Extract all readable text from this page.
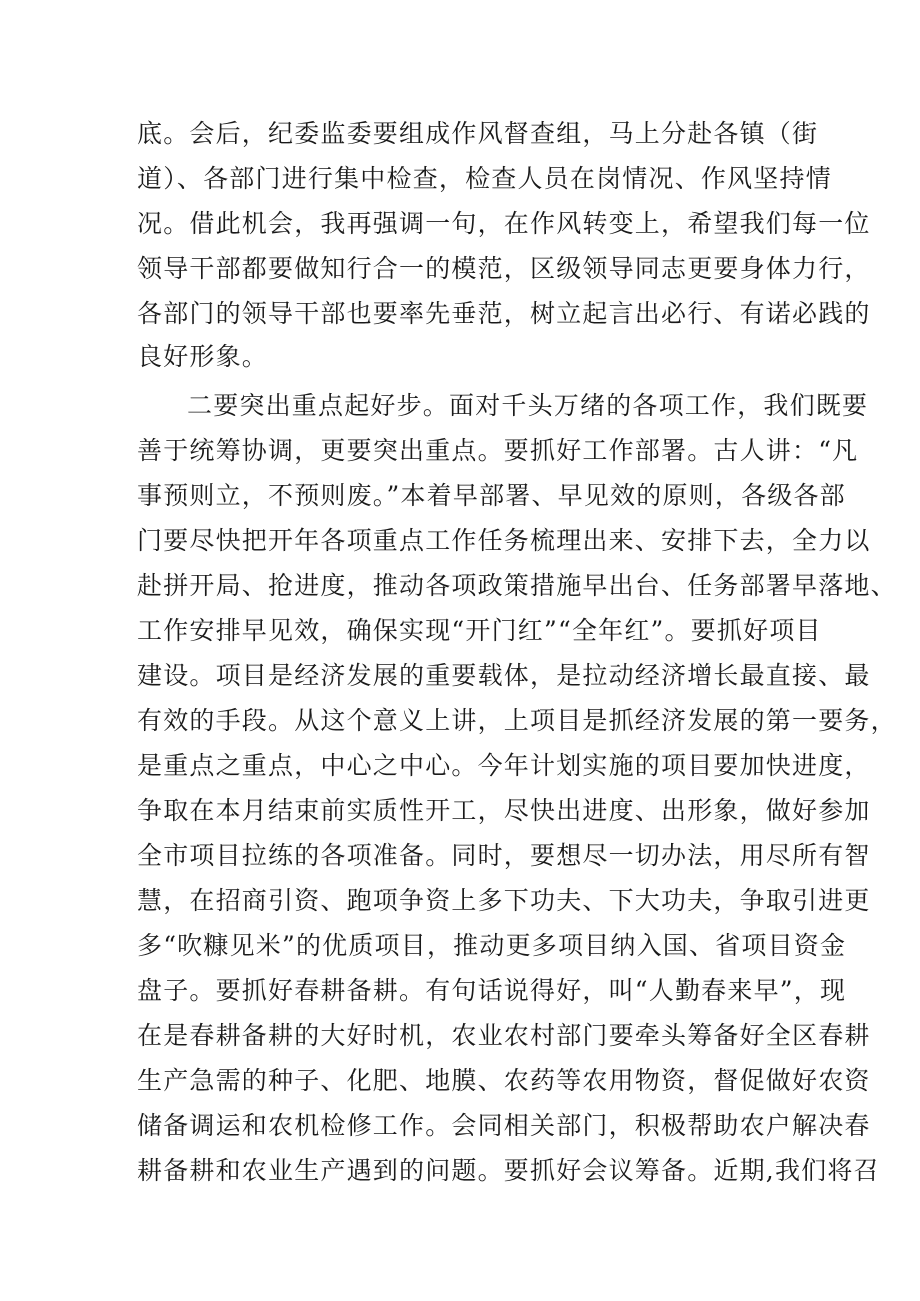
底。会后，纪委监委要组成作风督查组，马上分赴各镇（街
道）、各部门进行集中检查，检查人员在岗情况、作风坚持情
况。借此机会，我再强调一句，在作风转变上，希望我们每一位
领导干部都要做知行合一的模范，区级领导同志更要身体力行，
各部门的领导干部也要率先垂范，树立起言出必行、有诺必践的
良好形象。
二要突出重点起好步。面对千头万绪的各项工作，我们既要
善于统筹协调，更要突出重点。要抓好工作部署。古人讲：“凡
事预则立，不预则废。”本着早部署、早见效的原则，各级各部
门要尽快把开年各项重点工作任务梳理出来、安排下去，全力以
赴拼开局、抢进度，推动各项政策措施早出台、任务部署早落地、
工作安排早见效，确保实现“开门红”“全年红”。要抓好项目
建设。项目是经济发展的重要载体，是拉动经济增长最直接、最
有效的手段。从这个意义上讲，上项目是抓经济发展的第一要务，
是重点之重点，中心之中心。今年计划实施的项目要加快进度，
争取在本月结束前实质性开工，尽快出进度、出形象，做好参加
全市项目拉练的各项准备。同时，要想尽一切办法，用尽所有智
慧，在招商引资、跑项争资上多下功夫、下大功夫，争取引进更
多“吹糠见米”的优质项目，推动更多项目纳入国、省项目资金
盘子。要抓好春耕备耕。有句话说得好，叫“人勤春来早”，现
在是春耕备耕的大好时机，农业农村部门要牵头筹备好全区春耕
生产急需的种子、化肥、地膜、农药等农用物资，督促做好农资
储备调运和农机检修工作。会同相关部门，积极帮助农户解决春
耕备耕和农业生产遇到的问题。要抓好会议筹备。近期,我们将召
